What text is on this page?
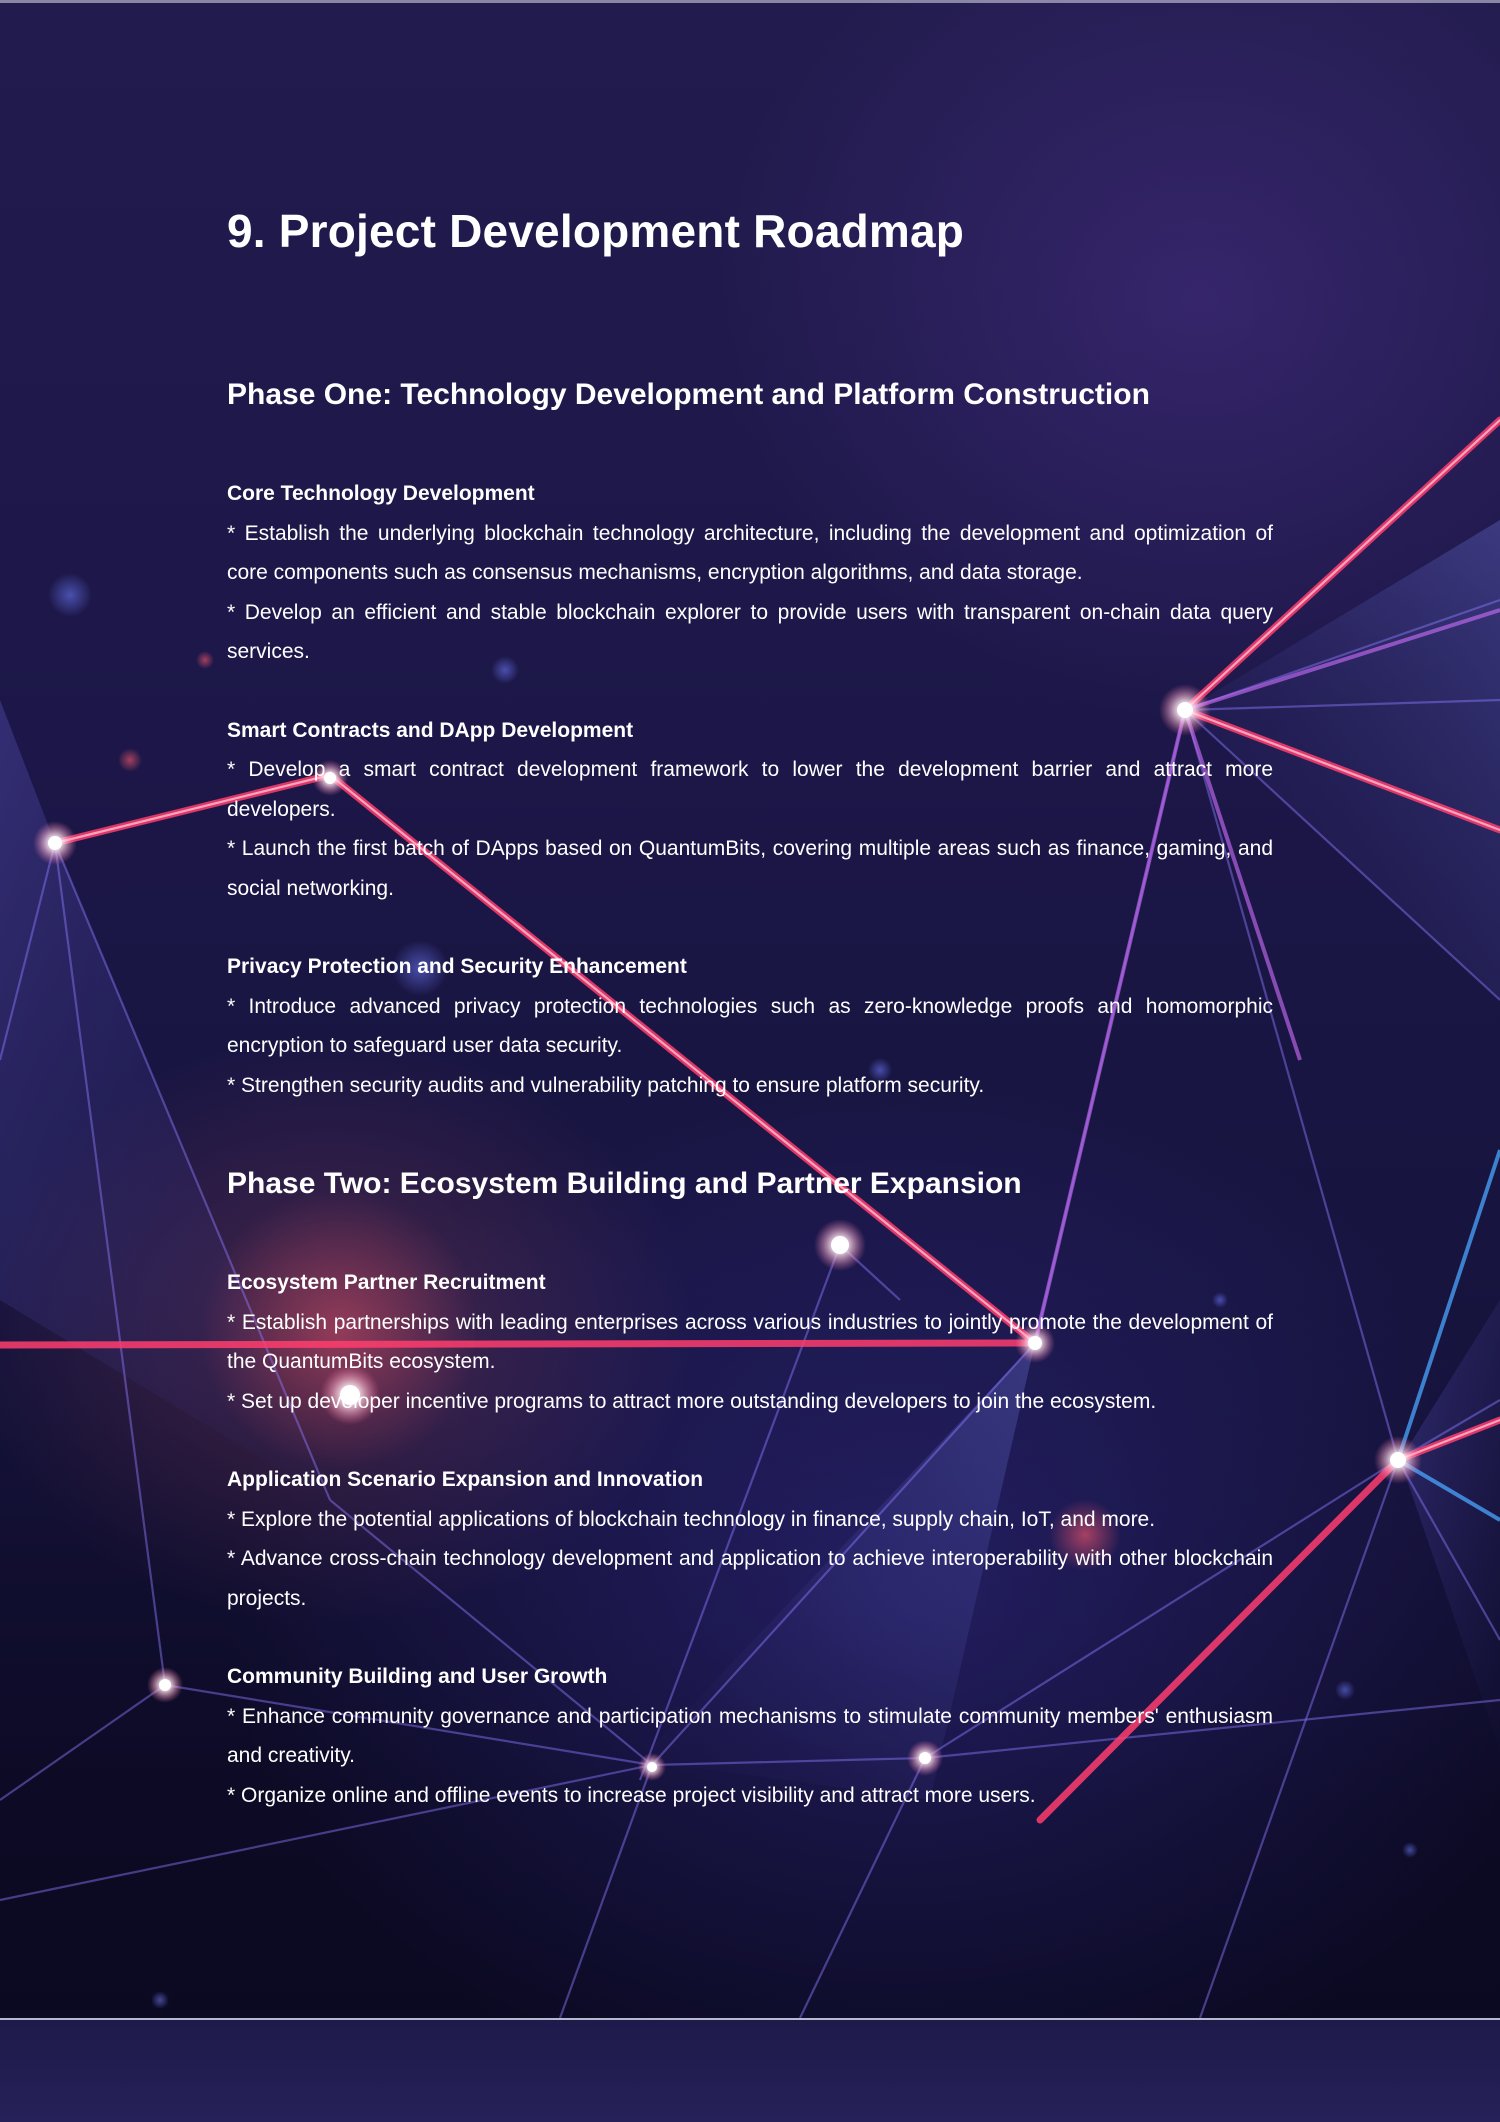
9. Project Development Roadmap
Phase One: Technology Development and Platform Construction
Core Technology Development

* Establish the underlying blockchain technology architecture, including the development and optimization of core components such as consensus mechanisms, encryption algorithms, and data storage.

* Develop an efficient and stable blockchain explorer to provide users with transparent on-chain data query services.

Smart Contracts and DApp Development

* Develop a smart contract development framework to lower the development barrier and attract more developers.

* Launch the first batch of DApps based on QuantumBits, covering multiple areas such as finance, gaming, and social networking.

Privacy Protection and Security Enhancement

* Introduce advanced privacy protection technologies such as zero-knowledge proofs and homomorphic encryption to safeguard user data security.

* Strengthen security audits and vulnerability patching to ensure platform security.

Phase Two: Ecosystem Building and Partner Expansion
Ecosystem Partner Recruitment

* Establish partnerships with leading enterprises across various industries to jointly promote the development of the QuantumBits ecosystem.

* Set up developer incentive programs to attract more outstanding developers to join the ecosystem.

Application Scenario Expansion and Innovation

* Explore the potential applications of blockchain technology in finance, supply chain, IoT, and more.

* Advance cross-chain technology development and application to achieve interoperability with other blockchain projects.

Community Building and User Growth

* Enhance community governance and participation mechanisms to stimulate community members' enthusiasm and creativity.

* Organize online and offline events to increase project visibility and attract more users.
